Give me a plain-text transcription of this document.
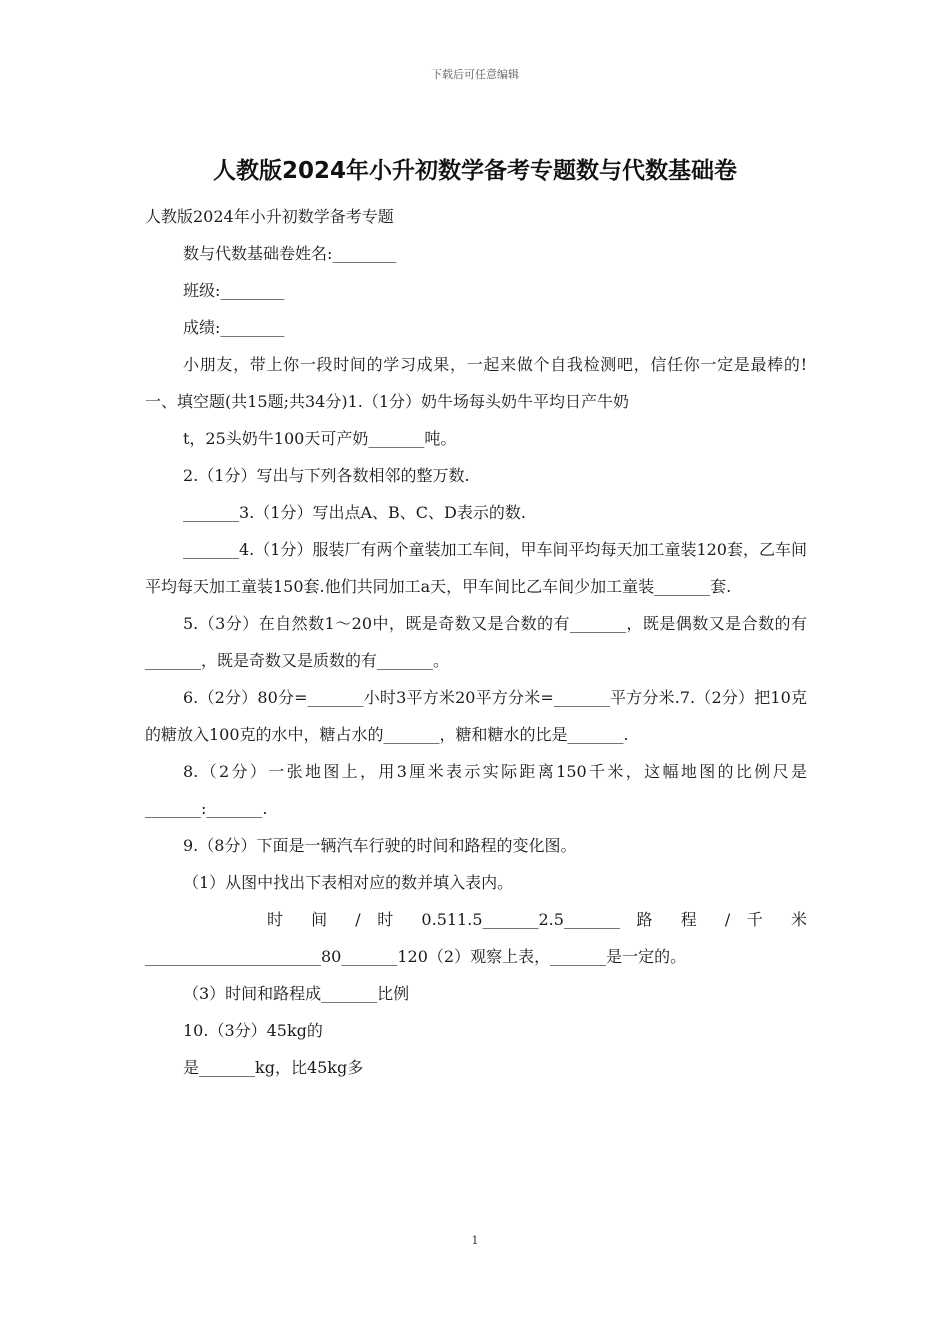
下载后可任意编辑
人教版2024年小升初数学备考专题数与代数基础卷

人教版2024年小升初数学备考专题

数与代数基础卷姓名:________

班级:________

成绩:________

小朋友，带上你一段时间的学习成果，一起来做个自我检测吧，信任你一定是最棒的!一、填空题(共15题;共34分)1.（1分）奶牛场每头奶牛平均日产牛奶

t，25头奶牛100天可产奶_______吨。

2.（1分）写出与下列各数相邻的整万数.

_______3.（1分）写出点A、B、C、D表示的数.

_______4.（1分）服装厂有两个童装加工车间，甲车间平均每天加工童装120套，乙车间平均每天加工童装150套.他们共同加工a天，甲车间比乙车间少加工童装_______套.

5.（3分）在自然数1～20中，既是奇数又是合数的有_______，既是偶数又是合数的有_______，既是奇数又是质数的有_______。

6.（2分）80分=_______小时3平方米20平方分米=_______平方分米.7.（2分）把10克的糖放入100克的水中，糖占水的_______，糖和糖水的比是_______.

8.（2分）一张地图上，用3厘米表示实际距离150千米，这幅地图的比例尺是_______:_______.

9.（8分）下面是一辆汽车行驶的时间和路程的变化图。

（1）从图中找出下表相对应的数并填入表内。

时 间 / 时 0.511.5_______2.5_______ 路 程 / 千 米 ______________________80_______120（2）观察上表，_______是一定的。

（3）时间和路程成_______比例

10.（3分）45kg的

是_______kg，比45kg多

1
